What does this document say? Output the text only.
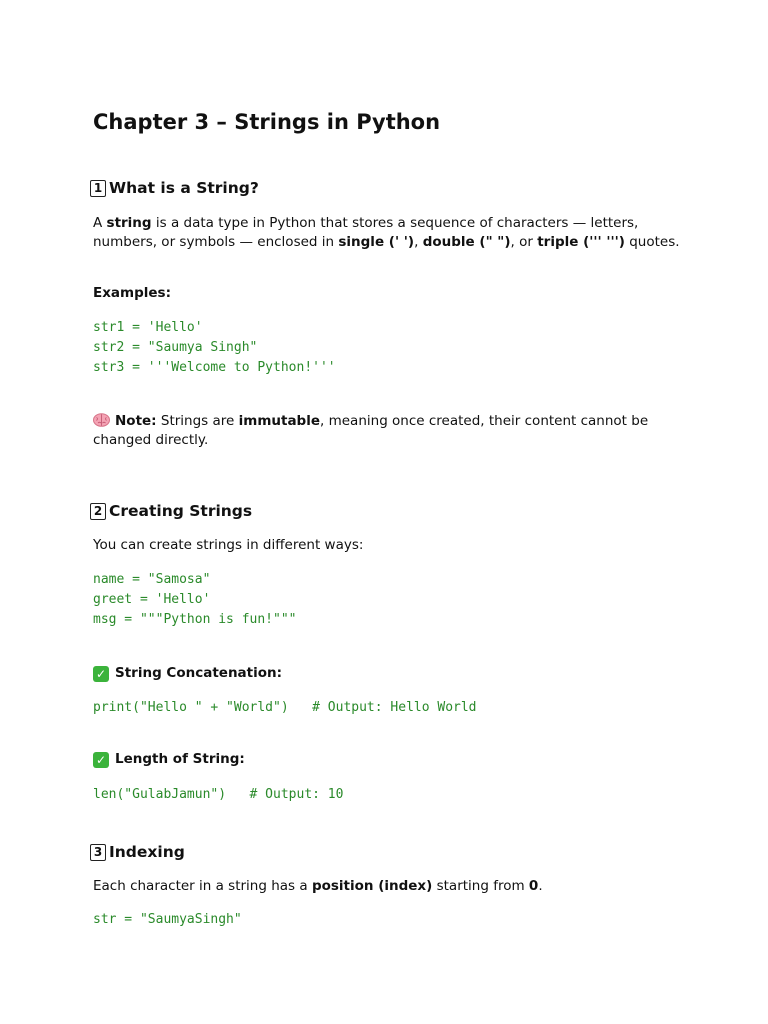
Chapter 3 – Strings in Python
1 What is a String?

A string is a data type in Python that stores a sequence of characters — letters, numbers, or symbols — enclosed in single (' '), double (" "), or triple (''' ''') quotes.

Examples:

str1 = 'Hello'
str2 = "Saumya Singh"
str3 = '''Welcome to Python!'''

Note: Strings are immutable, meaning once created, their content cannot be changed directly.

2 Creating Strings

You can create strings in different ways:

name = "Samosa"
greet = 'Hello'
msg = """Python is fun!"""
✓ String Concatenation:
print("Hello " + "World")   # Output: Hello World
✓ Length of String:
len("GulabJamun")   # Output: 10
3 Indexing

Each character in a string has a position (index) starting from 0.

str = "SaumyaSingh"
